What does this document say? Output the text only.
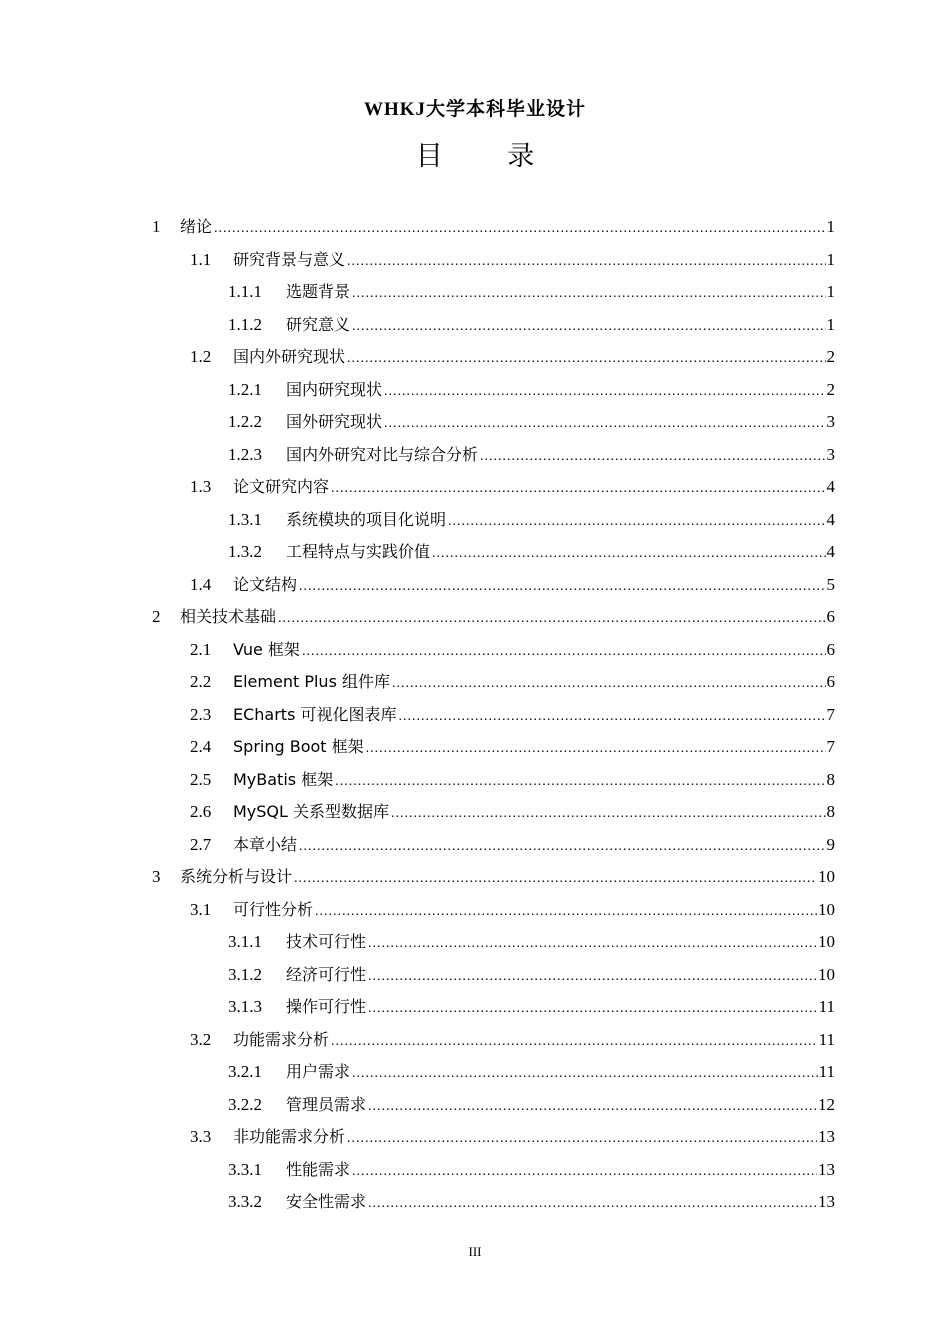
WHKJ大学本科毕业设计
目 录
1	绪论 .....	1
1.1	研究背景与意义 .....	1
1.1.1	选题背景 .....	1
1.1.2	研究意义 .....	1
1.2	国内外研究现状 .....	2
1.2.1	国内研究现状 .....	2
1.2.2	国外研究现状 .....	3
1.2.3	国内外研究对比与综合分析 .....	3
1.3	论文研究内容 .....	4
1.3.1	系统模块的项目化说明 .....	4
1.3.2	工程特点与实践价值 .....	4
1.4	论文结构 .....	5
2	相关技术基础 .....	6
2.1	Vue 框架 .....	6
2.2	Element Plus 组件库 .....	6
2.3	ECharts 可视化图表库 .....	7
2.4	Spring Boot 框架 .....	7
2.5	MyBatis 框架 .....	8
2.6	MySQL 关系型数据库 .....	8
2.7	本章小结 .....	9
3	系统分析与设计 .....	10
3.1	可行性分析 .....	10
3.1.1	技术可行性 .....	10
3.1.2	经济可行性 .....	10
3.1.3	操作可行性 .....	11
3.2	功能需求分析 .....	11
3.2.1	用户需求 .....	11
3.2.2	管理员需求 .....	12
3.3	非功能需求分析 .....	13
3.3.1	性能需求 .....	13
3.3.2	安全性需求 .....	13
III
